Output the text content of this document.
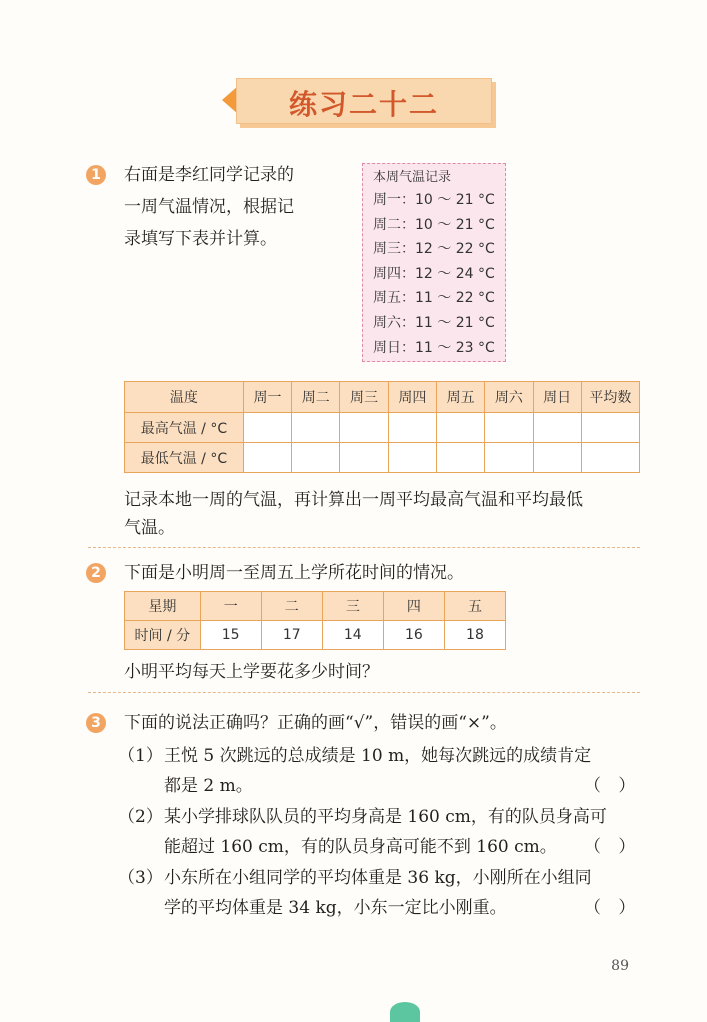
练习二十二
1	右面是李红同学记录的
一周气温情况，根据记
录填写下表并计算。
本周气温记录
周一：10 ～ 21 °C
周二：10 ～ 21 °C
周三：12 ～ 22 °C
周四：12 ～ 24 °C
周五：11 ～ 22 °C
周六：11 ～ 21 °C
周日：11 ～ 23 °C
温度	周一	周二	周三	周四	周五	周六	周日	平均数
最高气温 / °C								
最低气温 / °C								
记录本地一周的气温，再计算出一周平均最高气温和平均最低
气温。
2	下面是小明周一至周五上学所花时间的情况。
星期	一	二	三	四	五
时间 / 分	15	17	14	16	18
小明平均每天上学要花多少时间？
3	下面的说法正确吗？正确的画“√”，错误的画“×”。
（1） 王悦 5 次跳远的总成绩是 10 m，她每次跳远的成绩肯定
都是 2 m。	（ ）
（2） 某小学排球队队员的平均身高是 160 cm，有的队员身高可
能超过 160 cm，有的队员身高可能不到 160 cm。 （ ）
（3） 小东所在小组同学的平均体重是 36 kg，小刚所在小组同
学的平均体重是 34 kg，小东一定比小刚重。	（ ）
89
